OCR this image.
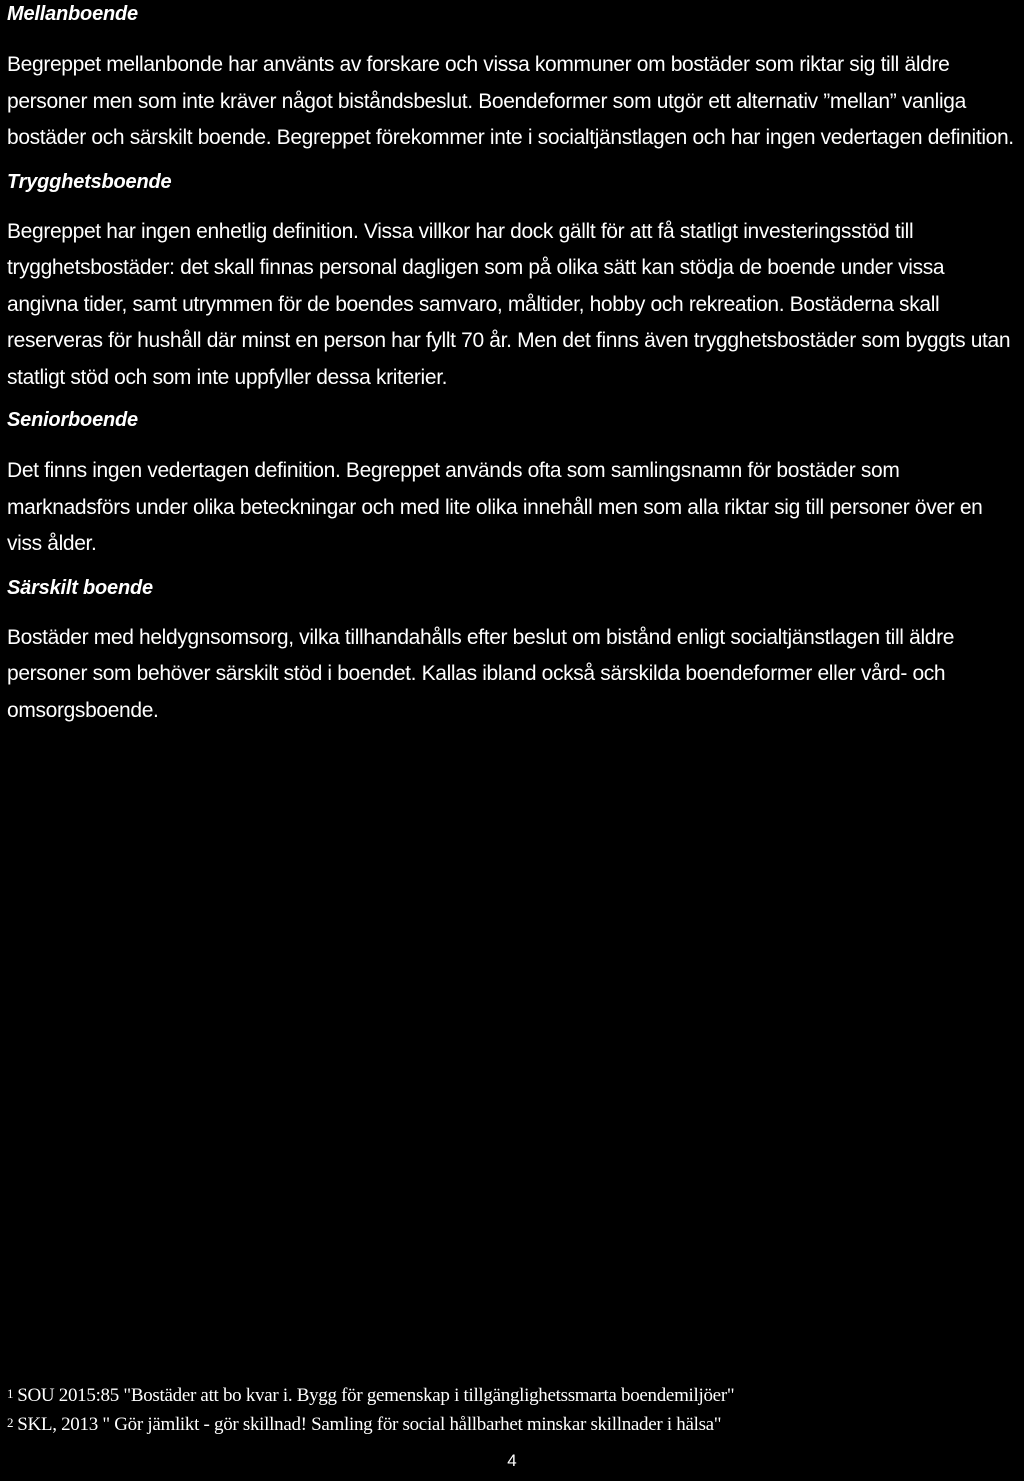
Mellanboende

Begreppet mellanbonde har använts av forskare och vissa kommuner om bostäder som riktar sig till äldre personer men som inte kräver något biståndsbeslut. Boendeformer som utgör ett alternativ ”mellan” vanliga bostäder och särskilt boende. Begreppet förekommer inte i socialtjänstlagen och har ingen vedertagen definition.

Trygghetsboende

Begreppet har ingen enhetlig definition. Vissa villkor har dock gällt för att få statligt investeringsstöd till trygghetsbostäder: det skall finnas personal dagligen som på olika sätt kan stödja de boende under vissa angivna tider, samt utrymmen för de boendes samvaro, måltider, hobby och rekreation. Bostäderna skall reserveras för hushåll där minst en person har fyllt 70 år. Men det finns även trygghetsbostäder som byggts utan statligt stöd och som inte uppfyller dessa kriterier.

Seniorboende

Det finns ingen vedertagen definition. Begreppet används ofta som samlingsnamn för bostäder som marknadsförs under olika beteckningar och med lite olika innehåll men som alla riktar sig till personer över en viss ålder.

Särskilt boende

Bostäder med heldygnsomsorg, vilka tillhandahålls efter beslut om bistånd enligt socialtjänstlagen till äldre personer som behöver särskilt stöd i boendet. Kallas ibland också särskilda boendeformer eller vård- och omsorgsboende.

1 SOU 2015:85 "Bostäder att bo kvar i. Bygg för gemenskap i tillgänglighetssmarta boendemiljöer"

2 SKL, 2013 " Gör jämlikt - gör skillnad! Samling för social hållbarhet minskar skillnader i hälsa"

4
